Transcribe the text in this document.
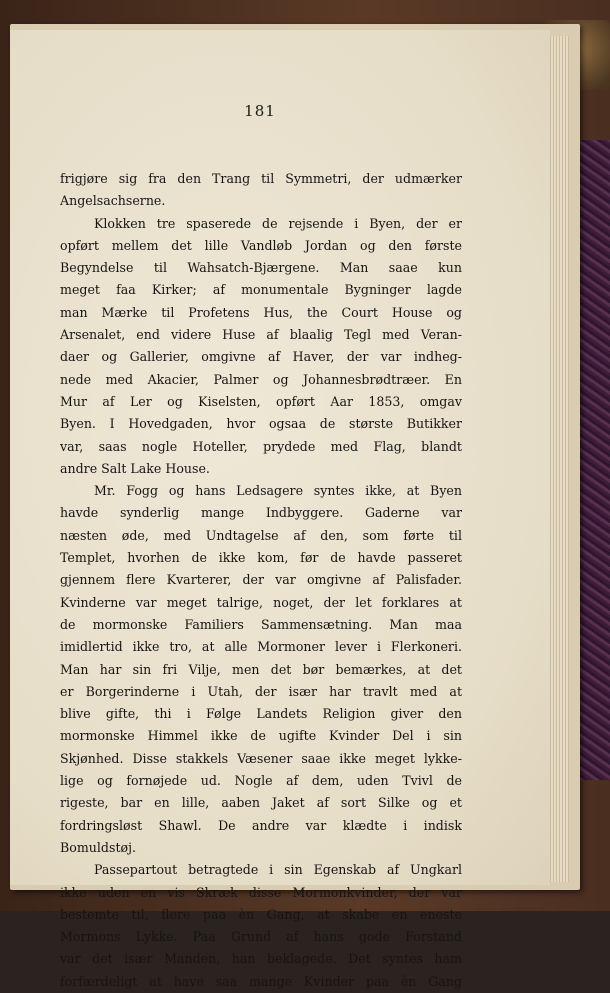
181
frigjøre sig fra den Trang til Symmetri, der udmærker
Angelsachserne.
Klokken tre spaserede de rejsende i Byen, der er
opført mellem det lille Vandløb Jordan og den første
Begyndelse til Wahsatch-Bjærgene. Man saae kun
meget faa Kirker; af monumentale Bygninger lagde
man Mærke til Profetens Hus, the Court House og
Arsenalet, end videre Huse af blaalig Tegl med Veran-
daer og Gallerier, omgivne af Haver, der var indheg-
nede med Akacier, Palmer og Johannesbrødtræer. En
Mur af Ler og Kiselsten, opført Aar 1853, omgav
Byen. I Hovedgaden, hvor ogsaa de største Butikker
var, saas nogle Hoteller, prydede med Flag, blandt
andre Salt Lake House.
Mr. Fogg og hans Ledsagere syntes ikke, at Byen
havde synderlig mange Indbyggere. Gaderne var
næsten øde, med Undtagelse af den, som førte til
Templet, hvorhen de ikke kom, før de havde passeret
gjennem flere Kvarterer, der var omgivne af Palisfader.
Kvinderne var meget talrige, noget, der let forklares at
de mormonske Familiers Sammensætning. Man maa
imidlertid ikke tro, at alle Mormoner lever i Flerkoneri.
Man har sin fri Vilje, men det bør bemærkes, at det
er Borgerinderne i Utah, der især har travlt med at
blive gifte, thi i Følge Landets Religion giver den
mormonske Himmel ikke de ugifte Kvinder Del i sin
Skjønhed. Disse stakkels Væsener saae ikke meget lykke-
lige og fornøjede ud. Nogle af dem, uden Tvivl de
rigeste, bar en lille, aaben Jaket af sort Silke og et
fordringsløst Shawl. De andre var klædte i indisk
Bomuldstøj.
Passepartout betragtede i sin Egenskab af Ungkarl
ikke uden en vis Skræk disse Mormonkvinder, der var
bestemte til, flere paa èn Gang, at skabe en eneste
Mormons Lykke. Paa Grund af hans gode Forstand
var det især Manden, han beklagede. Det syntes ham
forfærdeligt at have saa mange Kvinder paa èn Gang
